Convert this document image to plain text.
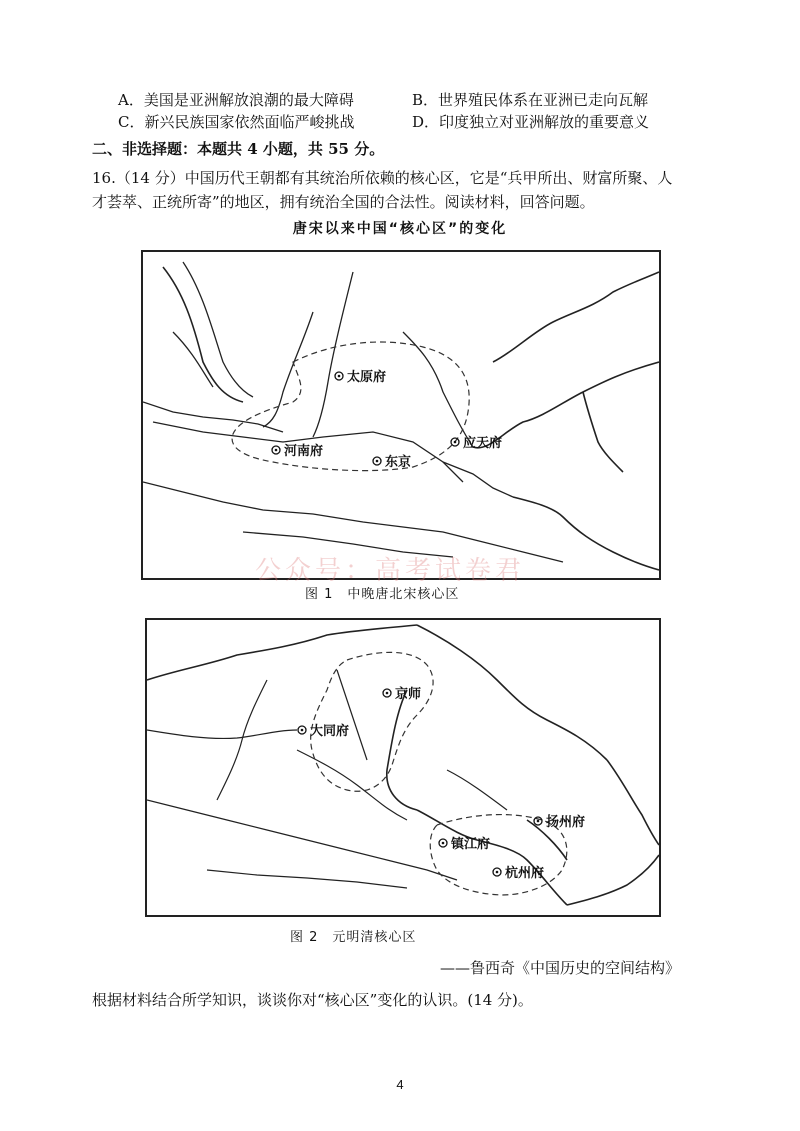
A．美国是亚洲解放浪潮的最大障碍	B．世界殖民体系在亚洲已走向瓦解
C．新兴民族国家依然面临严峻挑战	D．印度独立对亚洲解放的重要意义
二、非选择题：本题共 4 小题，共 55 分。
16.（14 分）中国历代王朝都有其统治所依赖的核心区，它是“兵甲所出、财富所聚、人
才荟萃、正统所寄”的地区，拥有统治全国的合法性。阅读材料，回答问题。
唐宋以来中国“核心区”的变化
太原府
河南府
东京
应天府
公众号：高考试卷君
图 1　中晚唐北宋核心区
京师
大同府
扬州府
镇江府
杭州府
图 2　元明清核心区
——鲁西奇《中国历史的空间结构》
根据材料结合所学知识，谈谈你对“核心区”变化的认识。(14 分)。
4
